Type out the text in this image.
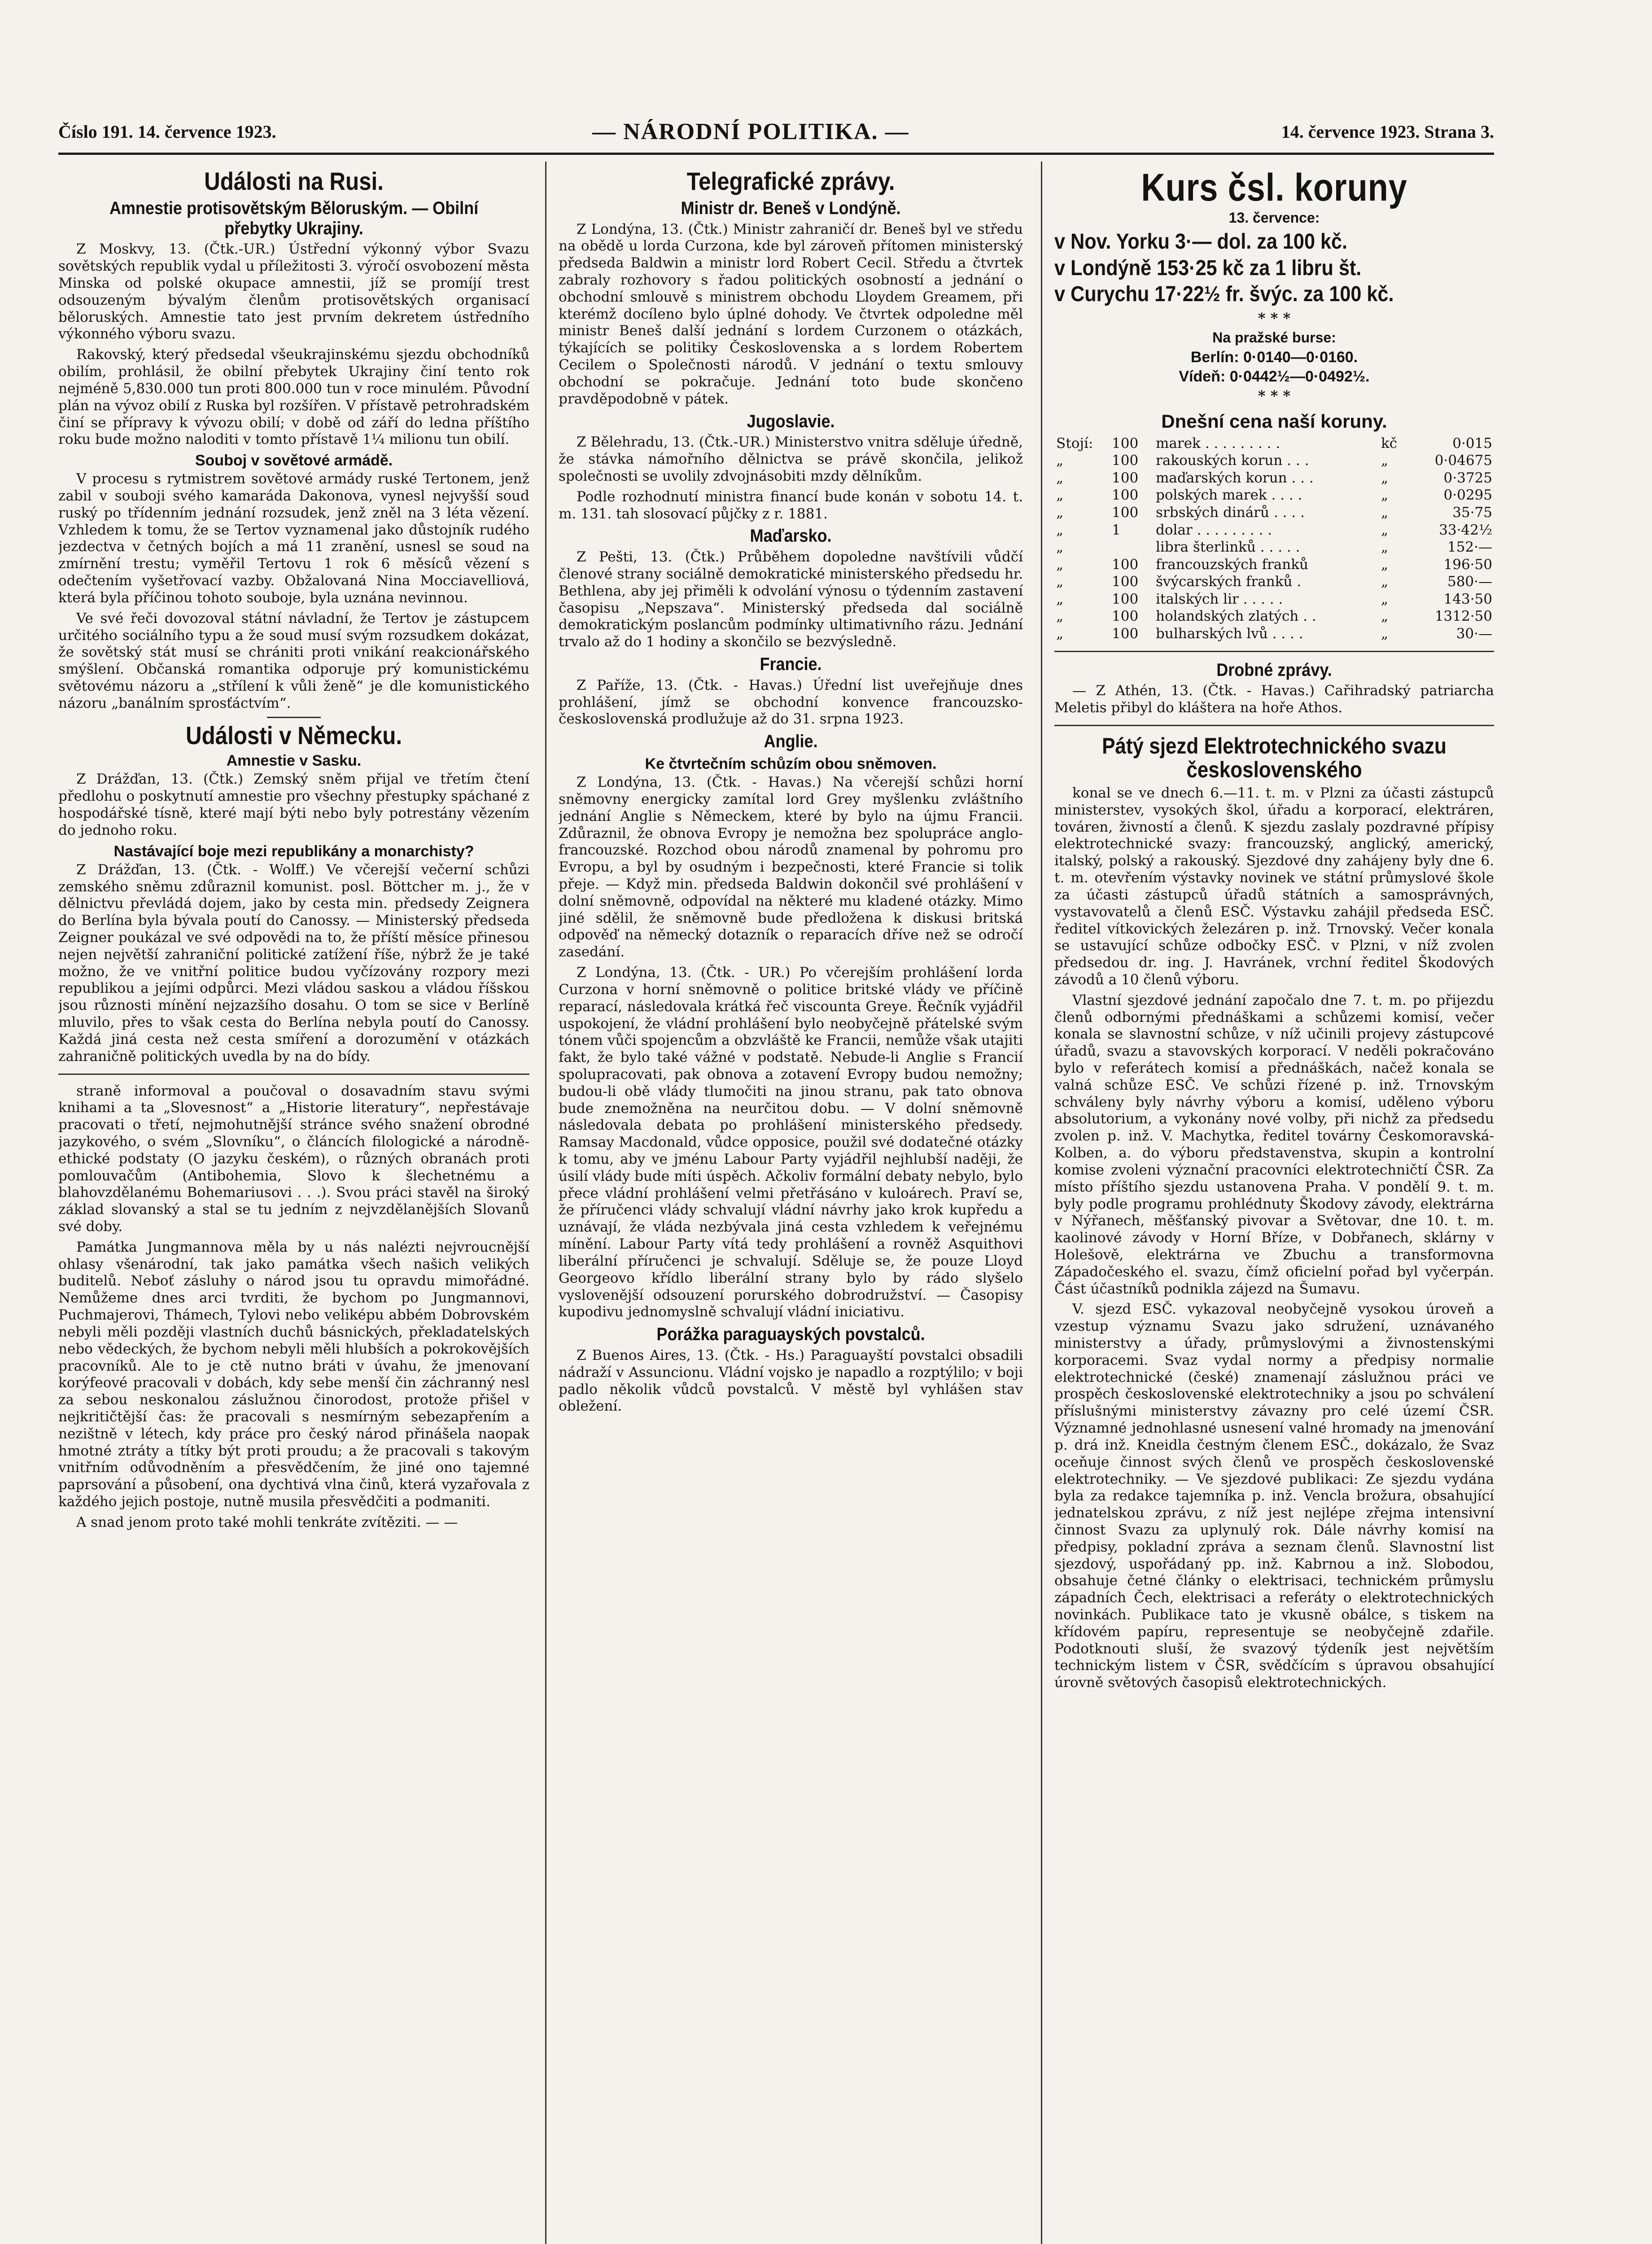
Číslo 191. 14. července 1923.	— NÁRODNÍ POLITIKA. —	14. července 1923. Strana 3.
Události na Rusi.
Amnestie protisovětským Běloruským. — Obilní přebytky Ukrajiny.

Z Moskvy, 13. (Čtk.-UR.) Ústřední výkonný výbor Svazu sovětských republik vydal u příležitosti 3. výročí osvobození města Minska od polské okupace amnestii, jíž se promíjí trest odsouzeným bývalým členům protisovětských organisací běloruských. Amnestie tato jest prvním dekretem ústředního výkonného výboru svazu.

Rakovský, který předsedal všeukrajinskému sjezdu obchodníků obilím, prohlásil, že obilní přebytek Ukrajiny činí tento rok nejméně 5,830.000 tun proti 800.000 tun v roce minulém. Původní plán na vývoz obilí z Ruska byl rozšířen. V přístavě petrohradském činí se přípravy k vývozu obilí; v době od září do ledna příštího roku bude možno naloditi v tomto přístavě 1¼ milionu tun obilí.

Souboj v sovětové armádě.

V procesu s rytmistrem sovětové armády ruské Tertonem, jenž zabil v souboji svého kamaráda Dakonova, vynesl nejvyšší soud ruský po třídenním jednání rozsudek, jenž zněl na 3 léta vězení. Vzhledem k tomu, že se Tertov vyznamenal jako důstojník rudého jezdectva v četných bojích a má 11 zranění, usnesl se soud na zmírnění trestu; vyměřil Tertovu 1 rok 6 měsíců vězení s odečtením vyšetřovací vazby. Obžalovaná Nina Mocciavelliová, která byla příčinou tohoto souboje, byla uznána nevinnou.

Ve své řeči dovozoval státní návladní, že Tertov je zástupcem určitého sociálního typu a že soud musí svým rozsudkem dokázat, že sovětský stát musí se chrániti proti vnikání reakcionářského smýšlení. Občanská romantika odporuje prý komunistickému světovému názoru a „střílení k vůli ženě“ je dle komunistického názoru „banálním sprosťáctvím“.

Události v Německu.
Amnestie v Sasku.

Z Drážďan, 13. (Čtk.) Zemský sněm přijal ve třetím čtení předlohu o poskytnutí amnestie pro všechny přestupky spáchané z hospodářské tísně, které mají býti nebo byly potrestány vězením do jednoho roku.

Nastávající boje mezi republikány a monarchisty?

Z Drážďan, 13. (Čtk. - Wolff.) Ve včerejší večerní schůzi zemského sněmu zdůraznil komunist. posl. Böttcher m. j., že v dělnictvu převládá dojem, jako by cesta min. předsedy Zeignera do Berlína byla bývala poutí do Canossy. — Ministerský předseda Zeigner poukázal ve své odpovědi na to, že příští měsíce přinesou nejen největší zahraniční politické zatížení říše, nýbrž že je také možno, že ve vnitřní politice budou vyčízovány rozpory mezi republikou a jejími odpůrci. Mezi vládou saskou a vládou říšskou jsou různosti mínění nejzazšího dosahu. O tom se sice v Berlíně mluvilo, přes to však cesta do Berlína nebyla poutí do Canossy. Každá jiná cesta než cesta smíření a dorozumění v otázkách zahraničně politických uvedla by na do bídy.

straně informoval a poučoval o dosavadním stavu svými knihami a ta „Slovesnost“ a „Historie literatury“, nepřestávaje pracovati o třetí, nejmohutnější stránce svého snažení obrodné jazykového, o svém „Slovníku“, o článcích filologické a národně-ethické podstaty (O jazyku českém), o různých obranách proti pomlouvačům (Antibohemia, Slovo k šlechetnému a blahovzdělanému Bohemariusovi . . .). Svou práci stavěl na široký základ slovanský a stal se tu jedním z nejvzdělanějších Slovanů své doby.

Památka Jungmannova měla by u nás nalézti nejvroucnější ohlasy všenárodní, tak jako památka všech našich velikých buditelů. Neboť zásluhy o národ jsou tu opravdu mimořádné. Nemůžeme dnes arci tvrditi, že bychom po Jungmannovi, Puchmajerovi, Thámech, Tylovi nebo veliképu abbém Dobrovském nebyli měli později vlastních duchů básnických, překladatelských nebo vědeckých, že bychom nebyli měli hlubších a pokrokovějších pracovníků. Ale to je ctě nutno bráti v úvahu, že jmenovaní korýfeové pracovali v dobách, kdy sebe menší čin záchranný nesl za sebou neskonalou záslužnou činorodost, protože přišel v nejkritičtější čas: že pracovali s nesmírným sebezapřením a nezištně v létech, kdy práce pro český národ přinášela naopak hmotné ztráty a títky být proti proudu; a že pracovali s takovým vnitřním odůvodněním a přesvědčením, že jiné ono tajemné paprsování a působení, ona dychtivá vlna činů, která vyzařovala z každého jejich postoje, nutně musila přesvědčiti a podmaniti.

A snad jenom proto také mohli tenkráte zvítěziti. — —

Telegrafické zprávy.
Ministr dr. Beneš v Londýně.

Z Londýna, 13. (Čtk.) Ministr zahraničí dr. Beneš byl ve středu na obědě u lorda Curzona, kde byl zároveň přítomen ministerský předseda Baldwin a ministr lord Robert Cecil. Středu a čtvrtek zabraly rozhovory s řadou politických osobností a jednání o obchodní smlouvě s ministrem obchodu Lloydem Greamem, při kterémž docíleno bylo úplné dohody. Ve čtvrtek odpoledne měl ministr Beneš další jednání s lordem Curzonem o otázkách, týkajících se politiky Československa a s lordem Robertem Cecilem o Společnosti národů. V jednání o textu smlouvy obchodní se pokračuje. Jednání toto bude skončeno pravděpodobně v pátek.

Jugoslavie.

Z Bělehradu, 13. (Čtk.-UR.) Ministerstvo vnitra sděluje úředně, že stávka námořního dělnictva se právě skončila, jelikož společnosti se uvolily zdvojnásobiti mzdy dělníkům.

Podle rozhodnutí ministra financí bude konán v sobotu 14. t. m. 131. tah slosovací půjčky z r. 1881.

Maďarsko.

Z Pešti, 13. (Čtk.) Průběhem dopoledne navštívili vůdčí členové strany sociálně demokratické ministerského předsedu hr. Bethlena, aby jej přiměli k odvolání výnosu o týdenním zastavení časopisu „Nepszava“. Ministerský předseda dal sociálně demokratickým poslancům podmínky ultimativního rázu. Jednání trvalo až do 1 hodiny a skončilo se bezvýsledně.

Francie.

Z Paříže, 13. (Čtk. - Havas.) Úřední list uveřejňuje dnes prohlášení, jímž se obchodní konvence francouzsko-československá prodlužuje až do 31. srpna 1923.

Anglie.
Ke čtvrtečním schůzím obou sněmoven.

Z Londýna, 13. (Čtk. - Havas.) Na včerejší schůzi horní sněmovny energicky zamítal lord Grey myšlenku zvláštního jednání Anglie s Německem, které by bylo na újmu Francii. Zdůraznil, že obnova Evropy je nemožna bez spolupráce anglo-francouzské. Rozchod obou národů znamenal by pohromu pro Evropu, a byl by osudným i bezpečnosti, které Francie si tolik přeje. — Když min. předseda Baldwin dokončil své prohlášení v dolní sněmovně, odpovídal na některé mu kladené otázky. Mimo jiné sdělil, že sněmovně bude předložena k diskusi britská odpověď na německý dotazník o reparacích dříve než se odročí zasedání.

Z Londýna, 13. (Čtk. - UR.) Po včerejším prohlášení lorda Curzona v horní sněmovně o politice britské vlády ve příčině reparací, následovala krátká řeč viscounta Greye. Řečník vyjádřil uspokojení, že vládní prohlášení bylo neobyčejně přátelské svým tónem vůči spojencům a obzvláště ke Francii, nemůže však utajiti fakt, že bylo také vážné v podstatě. Nebude-li Anglie s Francií spolupracovati, pak obnova a zotavení Evropy budou nemožny; budou-li obě vlády tlumočiti na jinou stranu, pak tato obnova bude znemožněna na neurčitou dobu. — V dolní sněmovně následovala debata po prohlášení ministerského předsedy. Ramsay Macdonald, vůdce opposice, použil své dodatečné otázky k tomu, aby ve jménu Labour Party vyjádřil nejhlubší naději, že úsilí vlády bude míti úspěch. Ačkoliv formální debaty nebylo, bylo přece vládní prohlášení velmi přetřásáno v kuloárech. Praví se, že příručenci vlády schvalují vládní návrhy jako krok kupředu a uznávají, že vláda nezbývala jiná cesta vzhledem k veřejnému mínění. Labour Party vítá tedy prohlášení a rovněž Asquithovi liberální příručenci je schvalují. Sděluje se, že pouze Lloyd Georgeovo křídlo liberální strany bylo by rádo slyšelo vyslovenější odsouzení porurského dobrodružství. — Časopisy kupodivu jednomyslně schvalují vládní iniciativu.

Porážka paraguayských povstalců.

Z Buenos Aires, 13. (Čtk. - Hs.) Paraguayští povstalci obsadili nádraží v Assuncionu. Vládní vojsko je napadlo a rozptýlilo; v boji padlo několik vůdců povstalců. V městě byl vyhlášen stav obležení.

Kurs čsl. koruny
13. července:
v Nov. Yorku 3·— dol. za 100 kč.
v Londýně 153·25 kč za 1 libru št.
v Curychu 17·22½ fr. švýc. za 100 kč.
* * *
Na pražské burse:
Berlín: 0·0140—0·0160.
Vídeň: 0·0442½—0·0492½.
* * *
Dnešní cena naší koruny.
Stojí:	100	marek . . . . . . . . .	kč	0·015
„	100	rakouských korun . . .	„	0·04675
„	100	maďarských korun . . .	„	0·3725
„	100	polských marek . . . .	„	0·0295
„	100	srbských dinárů . . . .	„	35·75
„	1	dolar . . . . . . . . .	„	33·42½
„		libra šterlinků . . . . .	„	152·—
„	100	francouzských franků	„	196·50
„	100	švýcarských franků .	„	580·—
„	100	italských lir . . . . .	„	143·50
„	100	holandských zlatých . .	„	1312·50
„	100	bulharských lvů . . . .	„	30·—
Drobné zprávy.

— Z Athén, 13. (Čtk. - Havas.) Cařihradský patriarcha Meletis přibyl do kláštera na hoře Athos.

Pátý sjezd Elektrotechnického svazu československého

konal se ve dnech 6.—11. t. m. v Plzni za účasti zástupců ministerstev, vysokých škol, úřadu a korporací, elektráren, továren, živností a členů. K sjezdu zaslaly pozdravné přípisy elektrotechnické svazy: francouzský, anglický, americký, italský, polský a rakouský. Sjezdové dny zahájeny byly dne 6. t. m. otevřením výstavky novinek ve státní průmyslové škole za účasti zástupců úřadů státních a samosprávných, vystavovatelů a členů ESČ. Výstavku zahájil předseda ESČ. ředitel vítkovických železáren p. inž. Trnovský. Večer konala se ustavující schůze odbočky ESČ. v Plzni, v níž zvolen předsedou dr. ing. J. Havránek, vrchní ředitel Škodových závodů a 10 členů výboru.

Vlastní sjezdové jednání započalo dne 7. t. m. po přijezdu členů odbornými přednáškami a schůzemi komisí, večer konala se slavnostní schůze, v níž učinili projevy zástupcové úřadů, svazu a stavovských korporací. V neděli pokračováno bylo v referátech komisí a přednáškách, načež konala se valná schůze ESČ. Ve schůzi řízené p. inž. Trnovským schváleny byly návrhy výboru a komisí, uděleno výboru absolutorium, a vykonány nové volby, při nichž za předsedu zvolen p. inž. V. Machytka, ředitel továrny Českomoravská-Kolben, a. do výboru představenstva, skupin a kontrolní komise zvoleni význační pracovníci elektrotechničtí ČSR. Za místo příštího sjezdu ustanovena Praha. V pondělí 9. t. m. byly podle programu prohlédnuty Škodovy závody, elektrárna v Nýřanech, měšťanský pivovar a Světovar, dne 10. t. m. kaolinové závody v Horní Bříze, v Dobřanech, sklárny v Holešově, elektrárna ve Zbuchu a transformovna Západočeského el. svazu, čímž oficielní pořad byl vyčerpán. Část účastníků podnikla zájezd na Šumavu.

V. sjezd ESČ. vykazoval neobyčejně vysokou úroveň a vzestup významu Svazu jako sdružení, uznávaného ministerstvy a úřady, průmyslovými a živnostenskými korporacemi. Svaz vydal normy a předpisy normalie elektrotechnické (české) znamenají záslužnou práci ve prospěch československé elektrotechniky a jsou po schválení příslušnými ministerstvy závazny pro celé území ČSR. Významné jednohlasné usnesení valné hromady na jmenování p. drá inž. Kneidla čestným členem ESČ., dokázalo, že Svaz oceňuje činnost svých členů ve prospěch československé elektrotechniky. — Ve sjezdové publikaci: Ze sjezdu vydána byla za redakce tajemníka p. inž. Vencla brožura, obsahující jednatelskou zprávu, z níž jest nejlépe zřejma intensivní činnost Svazu za uplynulý rok. Dále návrhy komisí na předpisy, pokladní zpráva a seznam členů. Slavnostní list sjezdový, uspořádaný pp. inž. Kabrnou a inž. Slobodou, obsahuje četné články o elektrisaci, technickém průmyslu západních Čech, elektrisaci a referáty o elektrotechnických novinkách. Publikace tato je vkusně obálce, s tiskem na křídovém papíru, representuje se neobyčejně zdařile. Podotknouti sluší, že svazový týdeník jest největším technickým listem v ČSR, svědčícím s úpravou obsahující úrovně světových časopisů elektrotechnických.
